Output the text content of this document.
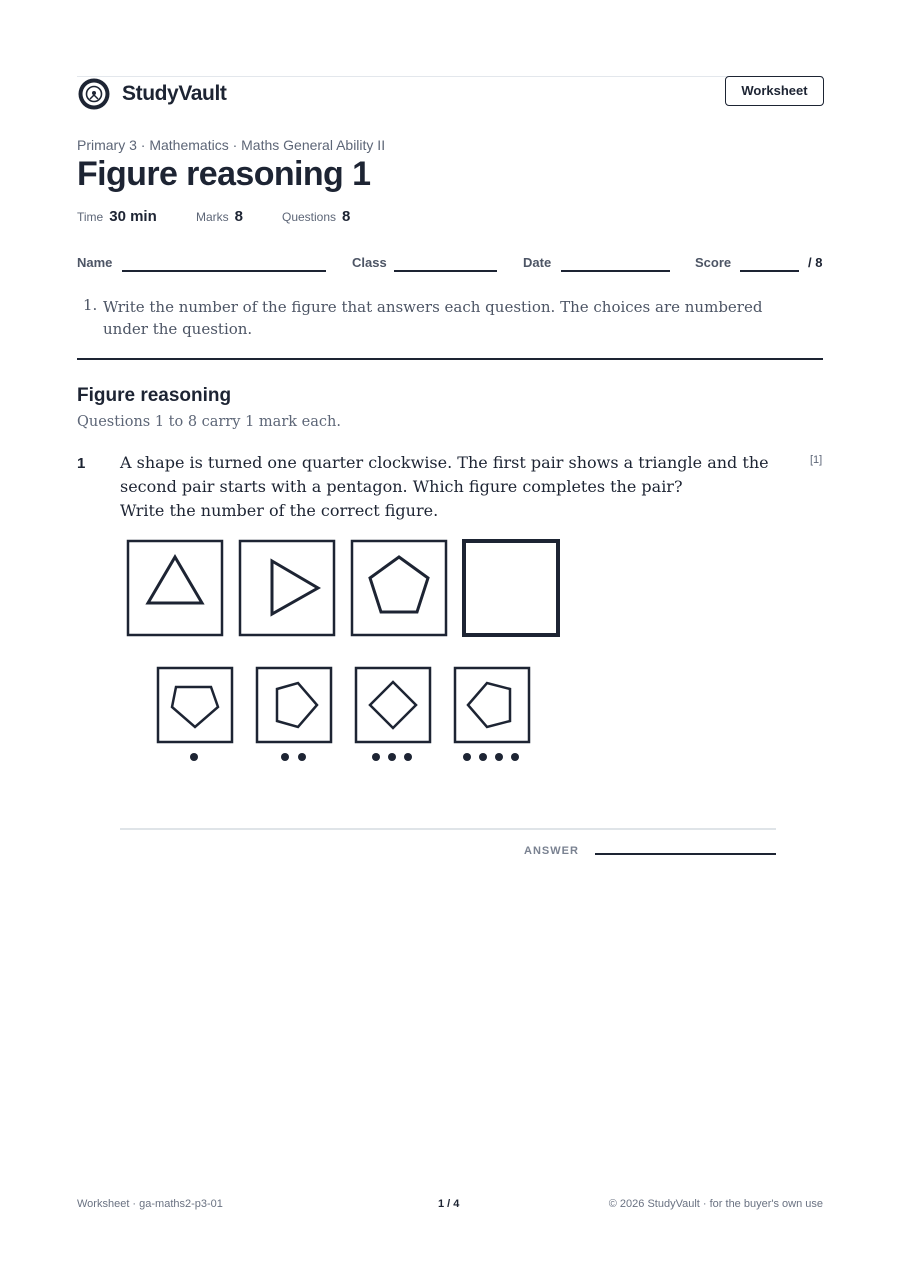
StudyVault	Worksheet
Primary 3 · Mathematics · Maths General Ability II
Figure reasoning 1
Time 30 min	Marks 8	Questions 8
Name	Class	Date	Score	/ 8
1. Write the number of the figure that answers each question. The choices are numbered under the question.
Figure reasoning
Questions 1 to 8 carry 1 mark each.
1 A shape is turned one quarter clockwise. The first pair shows a triangle and the second pair starts with a pentagon. Which figure completes the pair?
Write the number of the correct figure.
[1]
ANSWER
Worksheet · ga-maths2-p3-01	1 / 4	© 2026 StudyVault · for the buyer's own use
